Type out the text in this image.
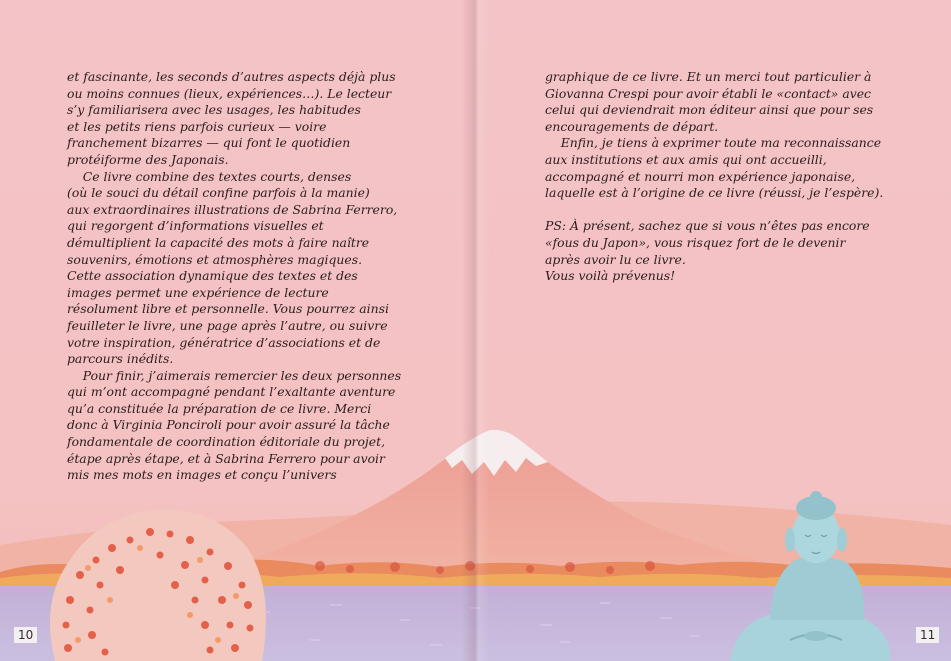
et fascinante, les seconds d’autres aspects déjà plus
ou moins connues (lieux, expériences…). Le lecteur
s’y familiarisera avec les usages, les habitudes
et les petits riens parfois curieux — voire
franchement bizarres — qui font le quotidien
protéiforme des Japonais.
Ce livre combine des textes courts, denses
(où le souci du détail confine parfois à la manie)
aux extraordinaires illustrations de Sabrina Ferrero,
qui regorgent d’informations visuelles et
démultiplient la capacité des mots à faire naître
souvenirs, émotions et atmosphères magiques.
Cette association dynamique des textes et des
images permet une expérience de lecture
résolument libre et personnelle. Vous pourrez ainsi
feuilleter le livre, une page après l’autre, ou suivre
votre inspiration, génératrice d’associations et de
parcours inédits.
Pour finir, j’aimerais remercier les deux personnes
qui m’ont accompagné pendant l’exaltante aventure
qu’a constituée la préparation de ce livre. Merci
donc à Virginia Ponciroli pour avoir assuré la tâche
fondamentale de coordination éditoriale du projet,
étape après étape, et à Sabrina Ferrero pour avoir
mis mes mots en images et conçu l’univers
graphique de ce livre. Et un merci tout particulier à
Giovanna Crespi pour avoir établi le «contact» avec
celui qui deviendrait mon éditeur ainsi que pour ses
encouragements de départ.
Enfin, je tiens à exprimer toute ma reconnaissance
aux institutions et aux amis qui ont accueilli,
accompagné et nourri mon expérience japonaise,
laquelle est à l’origine de ce livre (réussi, je l’espère).

PS: À présent, sachez que si vous n’êtes pas encore
«fous du Japon», vous risquez fort de le devenir
après avoir lu ce livre.
Vous voilà prévenus!
10	11
